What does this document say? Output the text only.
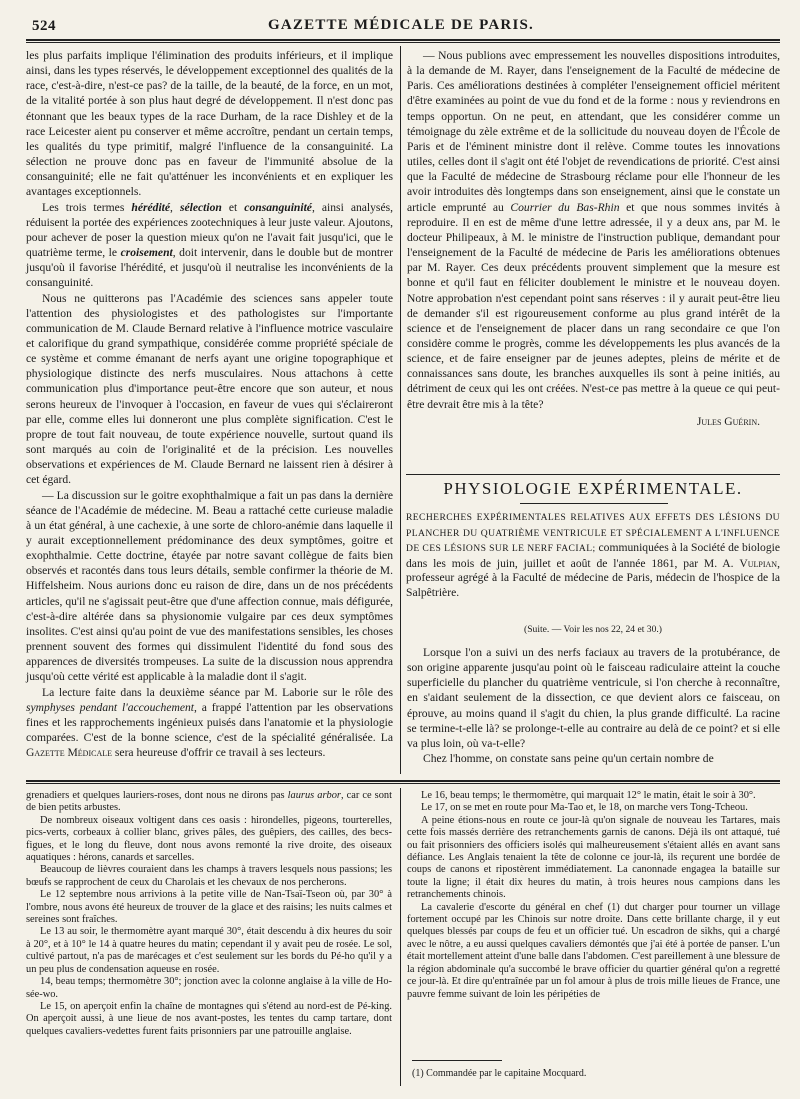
524	GAZETTE MÉDICALE DE PARIS.

les plus parfaits implique l'élimination des produits inférieurs, et il implique ainsi, dans les types réservés, le développement exceptionnel des qualités de la race, c'est-à-dire, n'est-ce pas? de la taille, de la beauté, de la force, en un mot, de la vitalité portée à son plus haut degré de développement. Il n'est donc pas étonnant que les beaux types de la race Durham, de la race Dishley et de la race Leicester aient pu conserver et même accroître, pendant un certain temps, les qualités du type primitif, malgré l'influence de la consanguinité. La sélection ne prouve donc pas en faveur de l'immunité absolue de la consanguinité; elle ne fait qu'atténuer les inconvénients et en expliquer les avantages exceptionnels.

Les trois termes hérédité, sélection et consanguinité, ainsi analysés, réduisent la portée des expériences zootechniques à leur juste valeur. Ajoutons, pour achever de poser la question mieux qu'on ne l'avait fait jusqu'ici, que le quatrième terme, le croisement, doit intervenir, dans le double but de montrer jusqu'où il favorise l'hérédité, et jusqu'où il neutralise les inconvénients de la consanguinité.

Nous ne quitterons pas l'Académie des sciences sans appeler toute l'attention des physiologistes et des pathologistes sur l'importante communication de M. Claude Bernard relative à l'influence motrice vasculaire et calorifique du grand sympathique, considérée comme propriété spéciale de ce système et comme émanant de nerfs ayant une origine topographique et physiologique distincte des nerfs musculaires. Nous attachons à cette communication plus d'importance peut-être encore que son auteur, et nous serons heureux de l'invoquer à l'occasion, en faveur de vues qui s'éclaireront par elle, comme elles lui donneront une plus complète signification. C'est le propre de tout fait nouveau, de toute expérience nouvelle, surtout quand ils sont marqués au coin de l'originalité et de la précision. Les nouvelles observations et expériences de M. Claude Bernard ne laissent rien à désirer à cet égard.

— La discussion sur le goitre exophthalmique a fait un pas dans la dernière séance de l'Académie de médecine. M. Beau a rattaché cette curieuse maladie à un état général, à une cachexie, à une sorte de chloro-anémie dans laquelle il y aurait exceptionnellement prédominance des deux symptômes, goitre et exophthalmie. Cette doctrine, étayée par notre savant collègue de faits bien observés et racontés dans tous leurs détails, semble confirmer la théorie de M. Hiffelsheim. Nous aurions donc eu raison de dire, dans un de nos précédents articles, qu'il ne s'agissait peut-être que d'une affection connue, mais défigurée, c'est-à-dire altérée dans sa physionomie vulgaire par ces deux symptômes insolites. C'est ainsi qu'au point de vue des manifestations sensibles, les choses prennent souvent des formes qui dissimulent l'identité du fond sous des apparences de diversités trompeuses. La suite de la discussion nous apprendra jusqu'où cette vérité est applicable à la maladie dont il s'agit.

La lecture faite dans la deuxième séance par M. Laborie sur le rôle des symphyses pendant l'accouchement, a frappé l'attention par les observations fines et les rapprochements ingénieux puisés dans l'anatomie et la physiologie comparées. C'est de la bonne science, c'est de la spécialité généralisée. La Gazette Médicale sera heureuse d'offrir ce travail à ses lecteurs.

— Nous publions avec empressement les nouvelles dispositions introduites, à la demande de M. Rayer, dans l'enseignement de la Faculté de médecine de Paris. Ces améliorations destinées à compléter l'enseignement officiel méritent d'être examinées au point de vue du fond et de la forme : nous y reviendrons en temps opportun. On ne peut, en attendant, que les considérer comme un témoignage du zèle extrême et de la sollicitude du nouveau doyen de l'École de Paris et de l'éminent ministre dont il relève. Comme toutes les innovations utiles, celles dont il s'agit ont été l'objet de revendications de priorité. C'est ainsi que la Faculté de médecine de Strasbourg réclame pour elle l'honneur de les avoir introduites dès longtemps dans son enseignement, ainsi que le constate un article emprunté au Courrier du Bas-Rhin et que nous sommes invités à reproduire. Il en est de même d'une lettre adressée, il y a deux ans, par M. le docteur Philipeaux, à M. le ministre de l'instruction publique, demandant pour l'enseignement de la Faculté de médecine de Paris les améliorations obtenues par M. Rayer. Ces deux précédents prouvent simplement que la mesure est bonne et qu'il faut en féliciter doublement le ministre et le nouveau doyen. Notre approbation n'est cependant point sans réserves : il y aurait peut-être lieu de demander s'il est rigoureusement conforme au plus grand intérêt de la science et de l'enseignement de placer dans un rang secondaire ce que l'on considère comme le progrès, comme les développements les plus avancés de la science, et de faire enseigner par de jeunes adeptes, pleins de mérite et de connaissances sans doute, les branches auxquelles ils sont à peine initiés, au détriment de ceux qui les ont créées. N'est-ce pas mettre à la queue ce qui peut-être devrait être mis à la tête?

Jules Guérin.
PHYSIOLOGIE EXPÉRIMENTALE.
RECHERCHES EXPÉRIMENTALES RELATIVES AUX EFFETS DES LÉSIONS DU PLANCHER DU QUATRIÈME VENTRICULE ET SPÉCIALEMENT A L'INFLUENCE DE CES LÉSIONS SUR LE NERF FACIAL; communiquées à la Société de biologie dans les mois de juin, juillet et août de l'année 1861, par M. A. Vulpian, professeur agrégé à la Faculté de médecine de Paris, médecin de l'hospice de la Salpêtrière.
(Suite. — Voir les nos 22, 24 et 30.)

Lorsque l'on a suivi un des nerfs faciaux au travers de la protubérance, de son origine apparente jusqu'au point où le faisceau radiculaire atteint la couche superficielle du plancher du quatrième ventricule, si l'on cherche à reconnaître, en s'aidant seulement de la dissection, ce que devient alors ce faisceau, on éprouve, au moins quand il s'agit du chien, la plus grande difficulté. La racine se termine-t-elle là? se prolonge-t-elle au contraire au delà de ce point? et si elle va plus loin, où va-t-elle?

Chez l'homme, on constate sans peine qu'un certain nombre de

grenadiers et quelques lauriers-roses, dont nous ne dirons pas laurus arbor, car ce sont de bien petits arbustes.

De nombreux oiseaux voltigent dans ces oasis : hirondelles, pigeons, tourterelles, pics-verts, corbeaux à collier blanc, grives pâles, des guêpiers, des cailles, des becs-figues, et le long du fleuve, dont nous avons remonté la rive droite, des oiseaux aquatiques : hérons, canards et sarcelles.

Beaucoup de lièvres couraient dans les champs à travers lesquels nous passions; les bœufs se rapprochent de ceux du Charolais et les chevaux de nos percherons.

Le 12 septembre nous arrivions à la petite ville de Nan-Tsaï-Tseon où, par 30° à l'ombre, nous avons été heureux de trouver de la glace et des raisins; les nuits calmes et sereines sont fraîches.

Le 13 au soir, le thermomètre ayant marqué 30°, était descendu à dix heures du soir à 20°, et à 10° le 14 à quatre heures du matin; cependant il y avait peu de rosée. Le sol, cultivé partout, n'a pas de marécages et c'est seulement sur les bords du Pé-ho qu'il y a un peu plus de condensation aqueuse en rosée.

14, beau temps; thermomètre 30°; jonction avec la colonne anglaise à la ville de Ho-sée-wo.

Le 15, on aperçoit enfin la chaîne de montagnes qui s'étend au nord-est de Pé-king. On aperçoit aussi, à une lieue de nos avant-postes, les tentes du camp tartare, dont quelques cavaliers-vedettes furent faits prisonniers par une patrouille anglaise.

Le 16, beau temps; le thermomètre, qui marquait 12° le matin, était le soir à 30°.

Le 17, on se met en route pour Ma-Tao et, le 18, on marche vers Tong-Tcheou.

A peine étions-nous en route ce jour-là qu'on signale de nouveau les Tartares, mais cette fois massés derrière des retranchements garnis de canons. Déjà ils ont attaqué, tué ou fait prisonniers des officiers isolés qui malheureusement s'étaient allés en avant sans défiance. Les Anglais tenaient la tête de colonne ce jour-là, ils reçurent une bordée de coups de canons et ripostèrent immédiatement. La canonnade engagea la bataille sur toute la ligne; il était dix heures du matin, à trois heures nous campions dans les retranchements chinois.

La cavalerie d'escorte du général en chef (1) dut charger pour tourner un village fortement occupé par les Chinois sur notre droite. Dans cette brillante charge, il y eut quelques blessés par coups de feu et un officier tué. Un escadron de sikhs, qui a chargé avec le nôtre, a eu aussi quelques cavaliers démontés que j'ai été à portée de panser. L'un était mortellement atteint d'une balle dans l'abdomen. C'est pareillement à une blessure de la région abdominale qu'a succombé le brave officier du quartier général qu'on a regretté ce jour-là. Et dire qu'entraînée par un fol amour à plus de trois mille lieues de France, une pauvre femme suivant de loin les péripéties de

(1) Commandée par le capitaine Mocquard.
